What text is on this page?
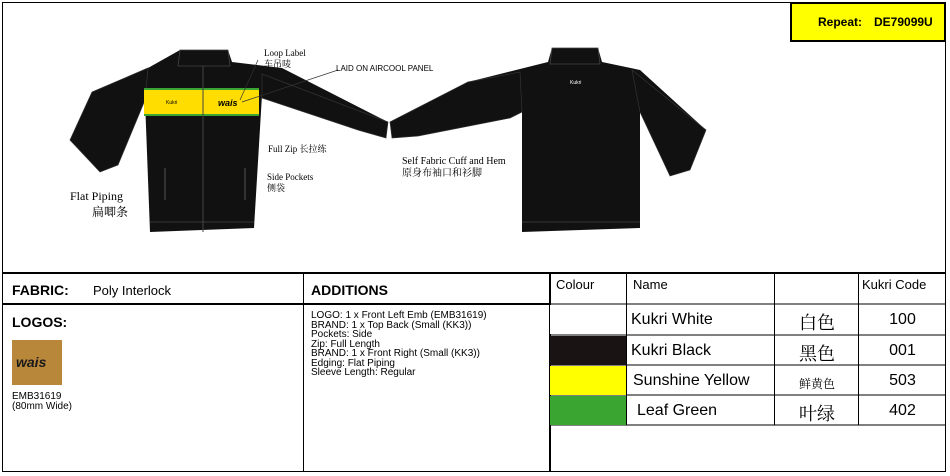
Repeat: DE79099U
Kukri	wais
Kukri
Loop Label
车吊唛	LAID ON AIRCOOL PANEL
Full Zip 长拉练
Side Pockets
侧袋
Self Fabric Cuff and Hem
原身布袖口和衫脚
Flat Piping
扁唧条
FABRIC: Poly Interlock
LOGOS:
wais
EMB31619
(80mm Wide)
ADDITIONS
LOGO: 1 x Front Left Emb (EMB31619)
BRAND: 1 x Top Back (Small (KK3))
Pockets: Side
Zip: Full Length
BRAND: 1 x Front Right (Small (KK3))
Edging: Flat Piping
Sleeve Length: Regular
Colour	Name	Kukri Code
Kukri White	白色	100
Kukri Black	黑色	001
Sunshine Yellow	鲜黄色	503
Leaf Green	叶绿	402
